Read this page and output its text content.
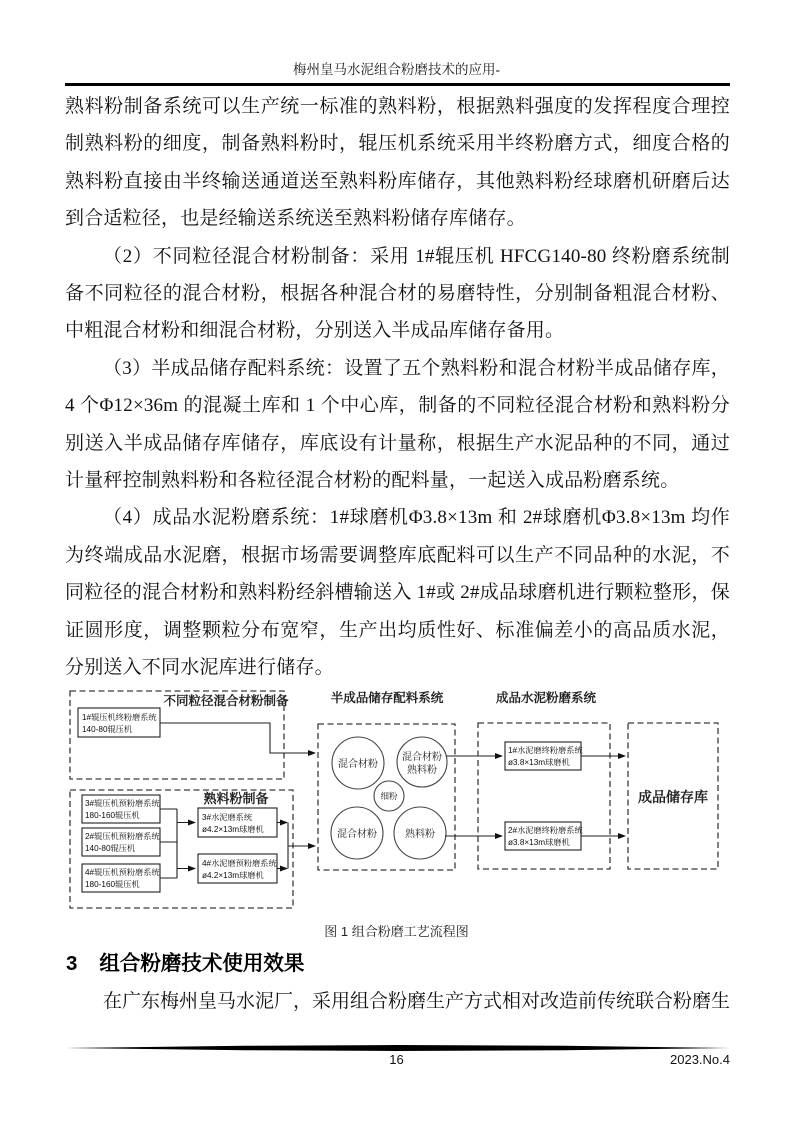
梅州皇马水泥组合粉磨技术的应用-

熟料粉制备系统可以生产统一标准的熟料粉，根据熟料强度的发挥程度合理控制熟料粉的细度，制备熟料粉时，辊压机系统采用半终粉磨方式，细度合格的熟料粉直接由半终输送通道送至熟料粉库储存，其他熟料粉经球磨机研磨后达到合适粒径，也是经输送系统送至熟料粉储存库储存。

（2）不同粒径混合材粉制备：采用 1#辊压机 HFCG140-80 终粉磨系统制备不同粒径的混合材粉，根据各种混合材的易磨特性，分别制备粗混合材粉、中粗混合材粉和细混合材粉，分别送入半成品库储存备用。

（3）半成品储存配料系统：设置了五个熟料粉和混合材粉半成品储存库，4 个Φ12×36m 的混凝土库和 1 个中心库，制备的不同粒径混合材粉和熟料粉分别送入半成品储存库储存，库底设有计量称，根据生产水泥品种的不同，通过计量秤控制熟料粉和各粒径混合材粉的配料量，一起送入成品粉磨系统。

（4）成品水泥粉磨系统：1#球磨机Φ3.8×13m 和 2#球磨机Φ3.8×13m 均作为终端成品水泥磨，根据市场需要调整库底配料可以生产不同品种的水泥，不同粒径的混合材粉和熟料粉经斜槽输送入 1#或 2#成品球磨机进行颗粒整形，保证圆形度，调整颗粒分布宽窄，生产出均质性好、标准偏差小的高品质水泥，分别送入不同水泥库进行储存。

不同粒径混合材粉制备
1#辊压机终粉磨系统
140-80辊压机
熟料粉制备
3#辊压机预粉磨系统
180-160辊压机
2#辊压机预粉磨系统
140-80辊压机
4#辊压机预粉磨系统
180-160辊压机
3#水泥磨系统
ø4.2×13m球磨机
4#水泥磨预粉磨系统
ø4.2×13m球磨机
半成品储存配料系统
混合材粉
混合材粉
熟料粉
细粉
混合材粉	熟料粉
成品水泥粉磨系统
1#水泥磨终粉磨系统
ø3.8×13m球磨机
2#水泥磨终粉磨系统
ø3.8×13m球磨机
成品储存库
图 1 组合粉磨工艺流程图
3 组合粉磨技术使用效果
在广东梅州皇马水泥厂，采用组合粉磨生产方式相对改造前传统联合粉磨生
16	2023.No.4
